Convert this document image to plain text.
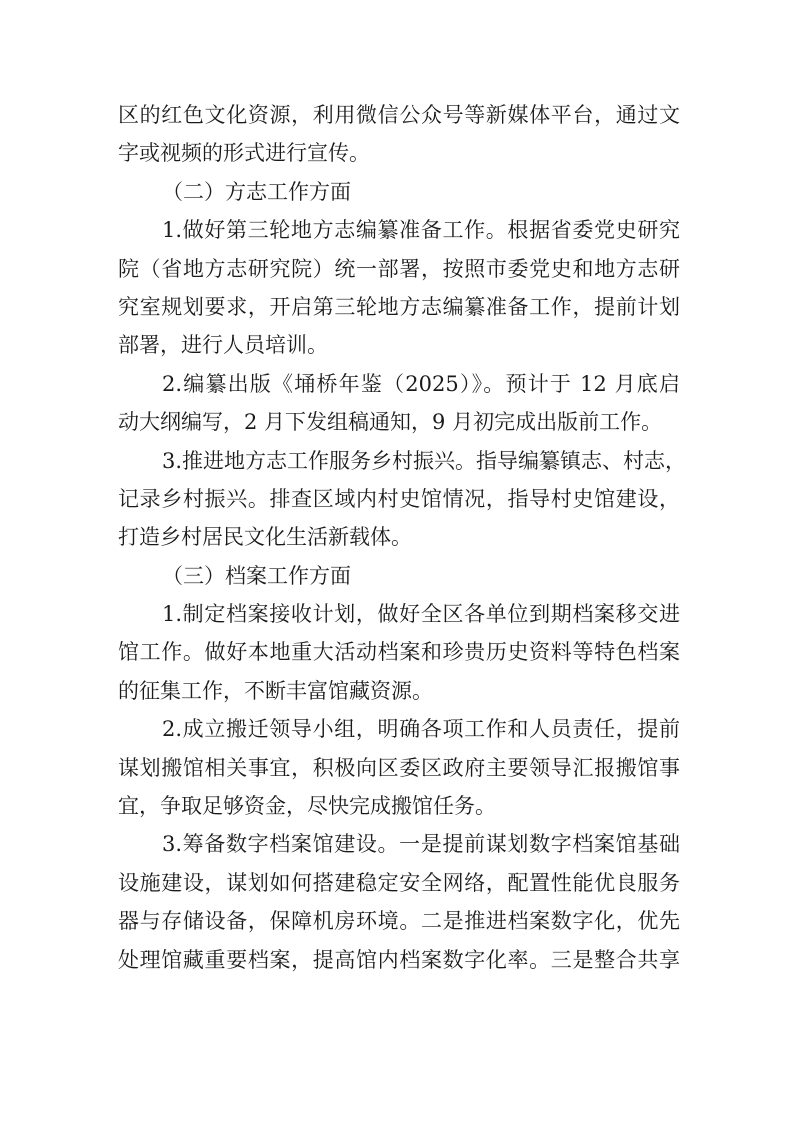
区的红色文化资源，利用微信公众号等新媒体平台，通过文
字或视频的形式进行宣传。
（二）方志工作方面
1.做好第三轮地方志编纂准备工作。根据省委党史研究
院（省地方志研究院）统一部署，按照市委党史和地方志研
究室规划要求，开启第三轮地方志编纂准备工作，提前计划
部署，进行人员培训。
2.编纂出版《埇桥年鉴（2025）》。预计于 12 月底启
动大纲编写，2 月下发组稿通知，9 月初完成出版前工作。
3.推进地方志工作服务乡村振兴。指导编纂镇志、村志，
记录乡村振兴。排查区域内村史馆情况，指导村史馆建设，
打造乡村居民文化生活新载体。
（三）档案工作方面
1.制定档案接收计划，做好全区各单位到期档案移交进
馆工作。做好本地重大活动档案和珍贵历史资料等特色档案
的征集工作，不断丰富馆藏资源。
2.成立搬迁领导小组，明确各项工作和人员责任，提前
谋划搬馆相关事宜，积极向区委区政府主要领导汇报搬馆事
宜，争取足够资金，尽快完成搬馆任务。
3.筹备数字档案馆建设。一是提前谋划数字档案馆基础
设施建设，谋划如何搭建稳定安全网络，配置性能优良服务
器与存储设备，保障机房环境。二是推进档案数字化，优先
处理馆藏重要档案，提高馆内档案数字化率。三是整合共享
